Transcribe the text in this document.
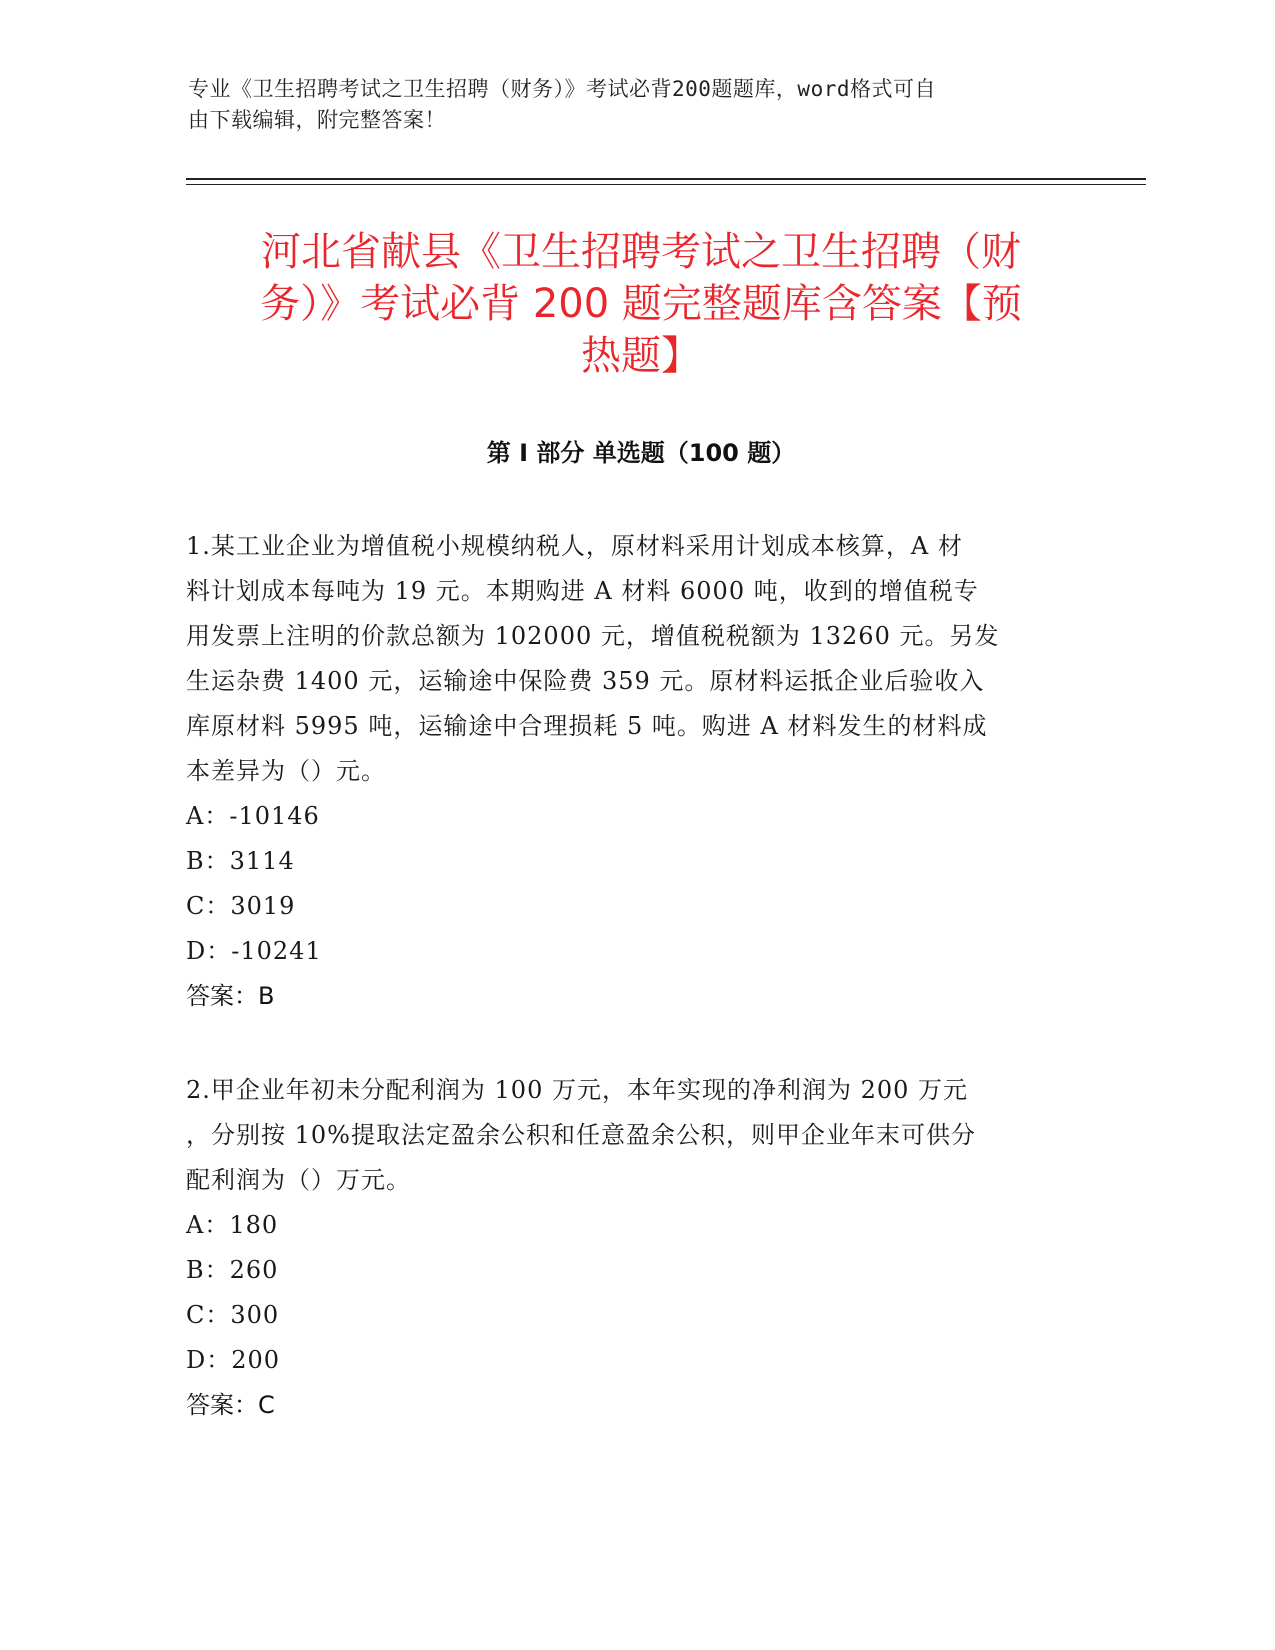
专业《卫生招聘考试之卫生招聘（财务）》考试必背200题题库，word格式可自
由下载编辑，附完整答案！
河北省献县《卫生招聘考试之卫生招聘（财
务）》考试必背 200 题完整题库含答案【预
热题】
第 I 部分 单选题（100 题）

1.某工业企业为增值税小规模纳税人，原材料采用计划成本核算，A 材

料计划成本每吨为 19 元。本期购进 A 材料 6000 吨，收到的增值税专

用发票上注明的价款总额为 102000 元，增值税税额为 13260 元。另发

生运杂费 1400 元，运输途中保险费 359 元。原材料运抵企业后验收入

库原材料 5995 吨，运输途中合理损耗 5 吨。购进 A 材料发生的材料成

本差异为（）元。

A：-10146

B：3114

C：3019

D：-10241

答案：B

2.甲企业年初未分配利润为 100 万元，本年实现的净利润为 200 万元

，分别按 10%提取法定盈余公积和任意盈余公积，则甲企业年末可供分

配利润为（）万元。

A：180

B：260

C：300

D：200

答案：C
